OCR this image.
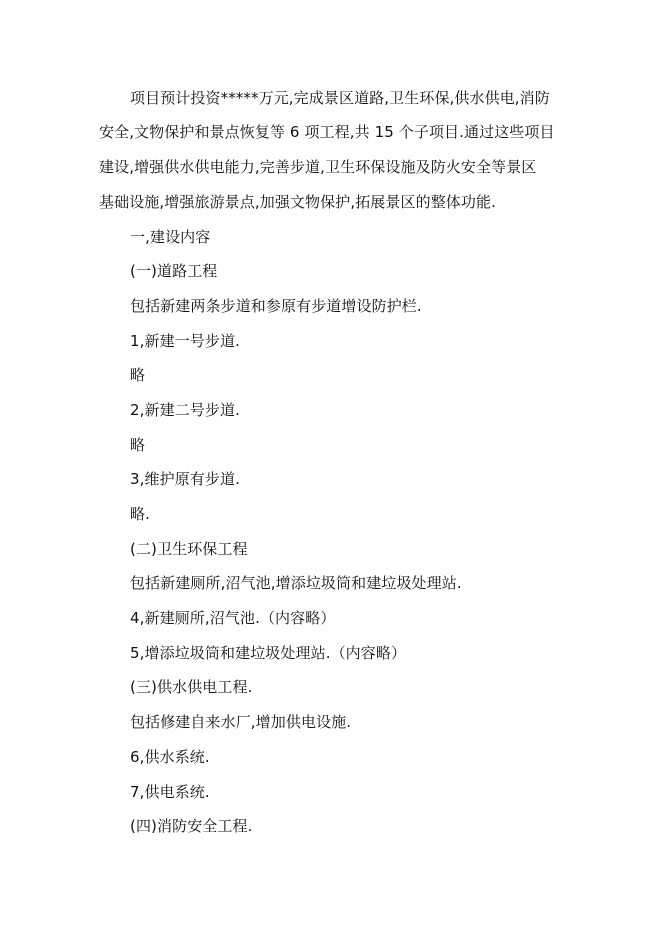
项目预计投资*****万元,完成景区道路,卫生环保,供水供电,消防

安全,文物保护和景点恢复等 6 项工程,共 15 个子项目.通过这些项目

建设,增强供水供电能力,完善步道,卫生环保设施及防火安全等景区

基础设施,增强旅游景点,加强文物保护,拓展景区的整体功能.

一,建设内容

(一)道路工程

包括新建两条步道和参原有步道增设防护栏.

1,新建一号步道.

略

2,新建二号步道.

略

3,维护原有步道.

略.

(二)卫生环保工程

包括新建厕所,沼气池,增添垃圾筒和建垃圾处理站.

4,新建厕所,沼气池.（内容略）

5,增添垃圾筒和建垃圾处理站.（内容略）

(三)供水供电工程.

包括修建自来水厂,增加供电设施.

6,供水系统.

7,供电系统.

(四)消防安全工程.
